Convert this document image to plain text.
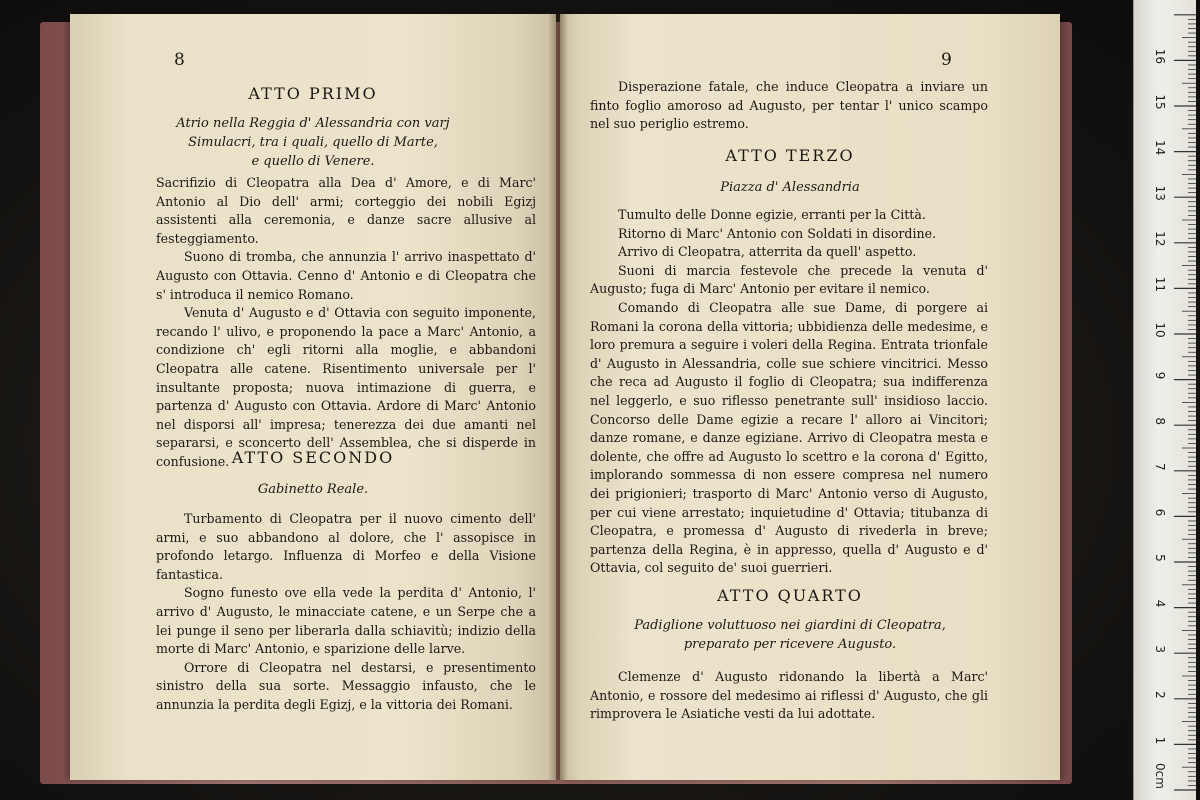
8
ATTO PRIMO
Atrio nella Reggia d' Alessandria con varj
Simulacri, tra i quali, quello di Marte,
e quello di Venere.

Sacrifizio di Cleopatra alla Dea d' Amore, e di Marc' Antonio al Dio dell' armi; corteggio dei nobili Egizj assistenti alla ceremonia, e danze sacre allusive al festeggiamento.

Suono di tromba, che annunzia l' arrivo inaspettato d' Augusto con Ottavia. Cenno d' Antonio e di Cleopatra che s' introduca il nemico Romano.

Venuta d' Augusto e d' Ottavia con seguito imponente, recando l' ulivo, e proponendo la pace a Marc' Antonio, a condizione ch' egli ritorni alla moglie, e abbandoni Cleopatra alle catene. Risentimento universale per l' insultante proposta; nuova intimazione di guerra, e partenza d' Augusto con Ottavia. Ardore di Marc' Antonio nel disporsi all' impresa; tenerezza dei due amanti nel separarsi, e sconcerto dell' Assemblea, che si disperde in confusione. ATTO SECONDO
Gabinetto Reale.

Turbamento di Cleopatra per il nuovo cimento dell' armi, e suo abbandono al dolore, che l' assopisce in profondo letargo. Influenza di Morfeo e della Visione fantastica.

Sogno funesto ove ella vede la perdita d' Antonio, l' arrivo d' Augusto, le minacciate catene, e un Serpe che a lei punge il seno per liberarla dalla schiavitù; indizio della morte di Marc' Antonio, e sparizione delle larve.

Orrore di Cleopatra nel destarsi, e presentimento sinistro della sua sorte. Messaggio infausto, che le annunzia la perdita degli Egizj, e la vittoria dei Romani.

9

Disperazione fatale, che induce Cleopatra a inviare un finto foglio amoroso ad Augusto, per tentar l' unico scampo nel suo periglio estremo.

ATTO TERZO
Piazza d' Alessandria

Tumulto delle Donne egizie, erranti per la Città.

Ritorno di Marc' Antonio con Soldati in disordine.

Arrivo di Cleopatra, atterrita da quell' aspetto.

Suoni di marcia festevole che precede la venuta d' Augusto; fuga di Marc' Antonio per evitare il nemico.

Comando di Cleopatra alle sue Dame, di porgere ai Romani la corona della vittoria; ubbidienza delle medesime, e loro premura a seguire i voleri della Regina. Entrata trionfale d' Augusto in Alessandria, colle sue schiere vincitrici. Messo che reca ad Augusto il foglio di Cleopatra; sua indifferenza nel leggerlo, e suo riflesso penetrante sull' insidioso laccio. Concorso delle Dame egizie a recare l' alloro ai Vincitori; danze romane, e danze egiziane. Arrivo di Cleopatra mesta e dolente, che offre ad Augusto lo scettro e la corona d' Egitto, implorando sommessa di non essere compresa nel numero dei prigionieri; trasporto di Marc' Antonio verso di Augusto, per cui viene arrestato; inquietudine d' Ottavia; titubanza di Cleopatra, e promessa d' Augusto di rivederla in breve; partenza della Regina, è in appresso, quella d' Augusto e d' Ottavia, col seguito de' suoi guerrieri.

ATTO QUARTO
Padiglione voluttuoso nei giardini di Cleopatra,
preparato per ricevere Augusto.

Clemenze d' Augusto ridonando la libertà a Marc' Antonio, e rossore del medesimo ai riflessi d' Augusto, che gli rimprovera le Asiatiche vesti da lui adottate.

0cm
1
2
3
4
5
6
7
8
9
10
11
12
13
14
15
16
